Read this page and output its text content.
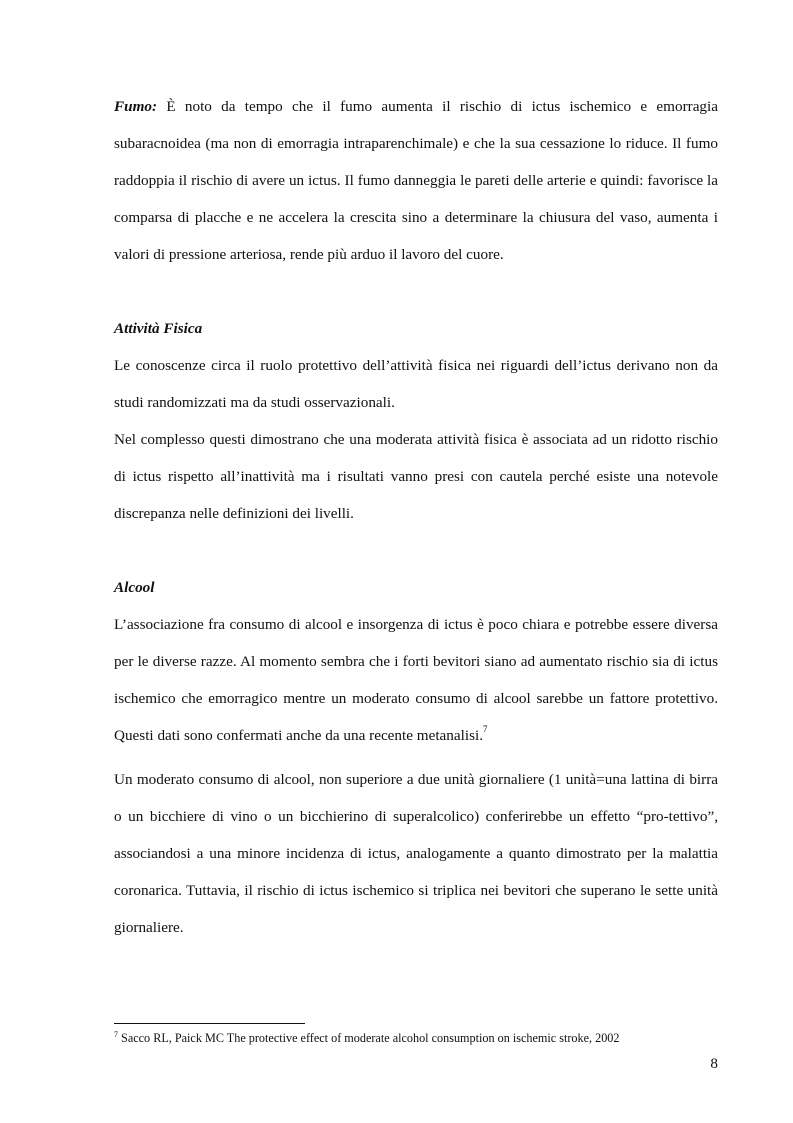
Fumo: È noto da tempo che il fumo aumenta il rischio di ictus ischemico e emorragia subaracnoidea (ma non di emorragia intraparenchimale) e che la sua cessazione lo riduce. Il fumo raddoppia il rischio di avere un ictus. Il fumo danneggia le pareti delle arterie e quindi: favorisce la comparsa di placche e ne accelera la crescita sino a determinare la chiusura del vaso, aumenta i valori di pressione arteriosa, rende più arduo il lavoro del cuore.

Attività Fisica

Le conoscenze circa il ruolo protettivo dell’attività fisica nei riguardi dell’ictus derivano non da studi randomizzati ma da studi osservazionali.

Nel complesso questi dimostrano che una moderata attività fisica è associata ad un ridotto rischio di ictus rispetto all’inattività ma i risultati vanno presi con cautela perché esiste una notevole discrepanza nelle definizioni dei livelli.

Alcool

L’associazione fra consumo di alcool e insorgenza di ictus è poco chiara e potrebbe essere diversa per le diverse razze. Al momento sembra che i forti bevitori siano ad aumentato rischio sia di ictus ischemico che emorragico mentre un moderato consumo di alcool sarebbe un fattore protettivo. Questi dati sono confermati anche da una recente metanalisi.$^7$

Un moderato consumo di alcool, non superiore a due unità giornaliere (1 unità=una lattina di birra o un bicchiere di vino o un bicchierino di superalcolico) conferirebbe un effetto “pro-tettivo”, associandosi a una minore incidenza di ictus, analogamente a quanto dimostrato per la malattia coronarica. Tuttavia, il rischio di ictus ischemico si triplica nei bevitori che superano le sette unità giornaliere.

$^7$ Sacco RL, Paick MC The protective effect of moderate alcohol consumption on ischemic stroke, 2002
8
